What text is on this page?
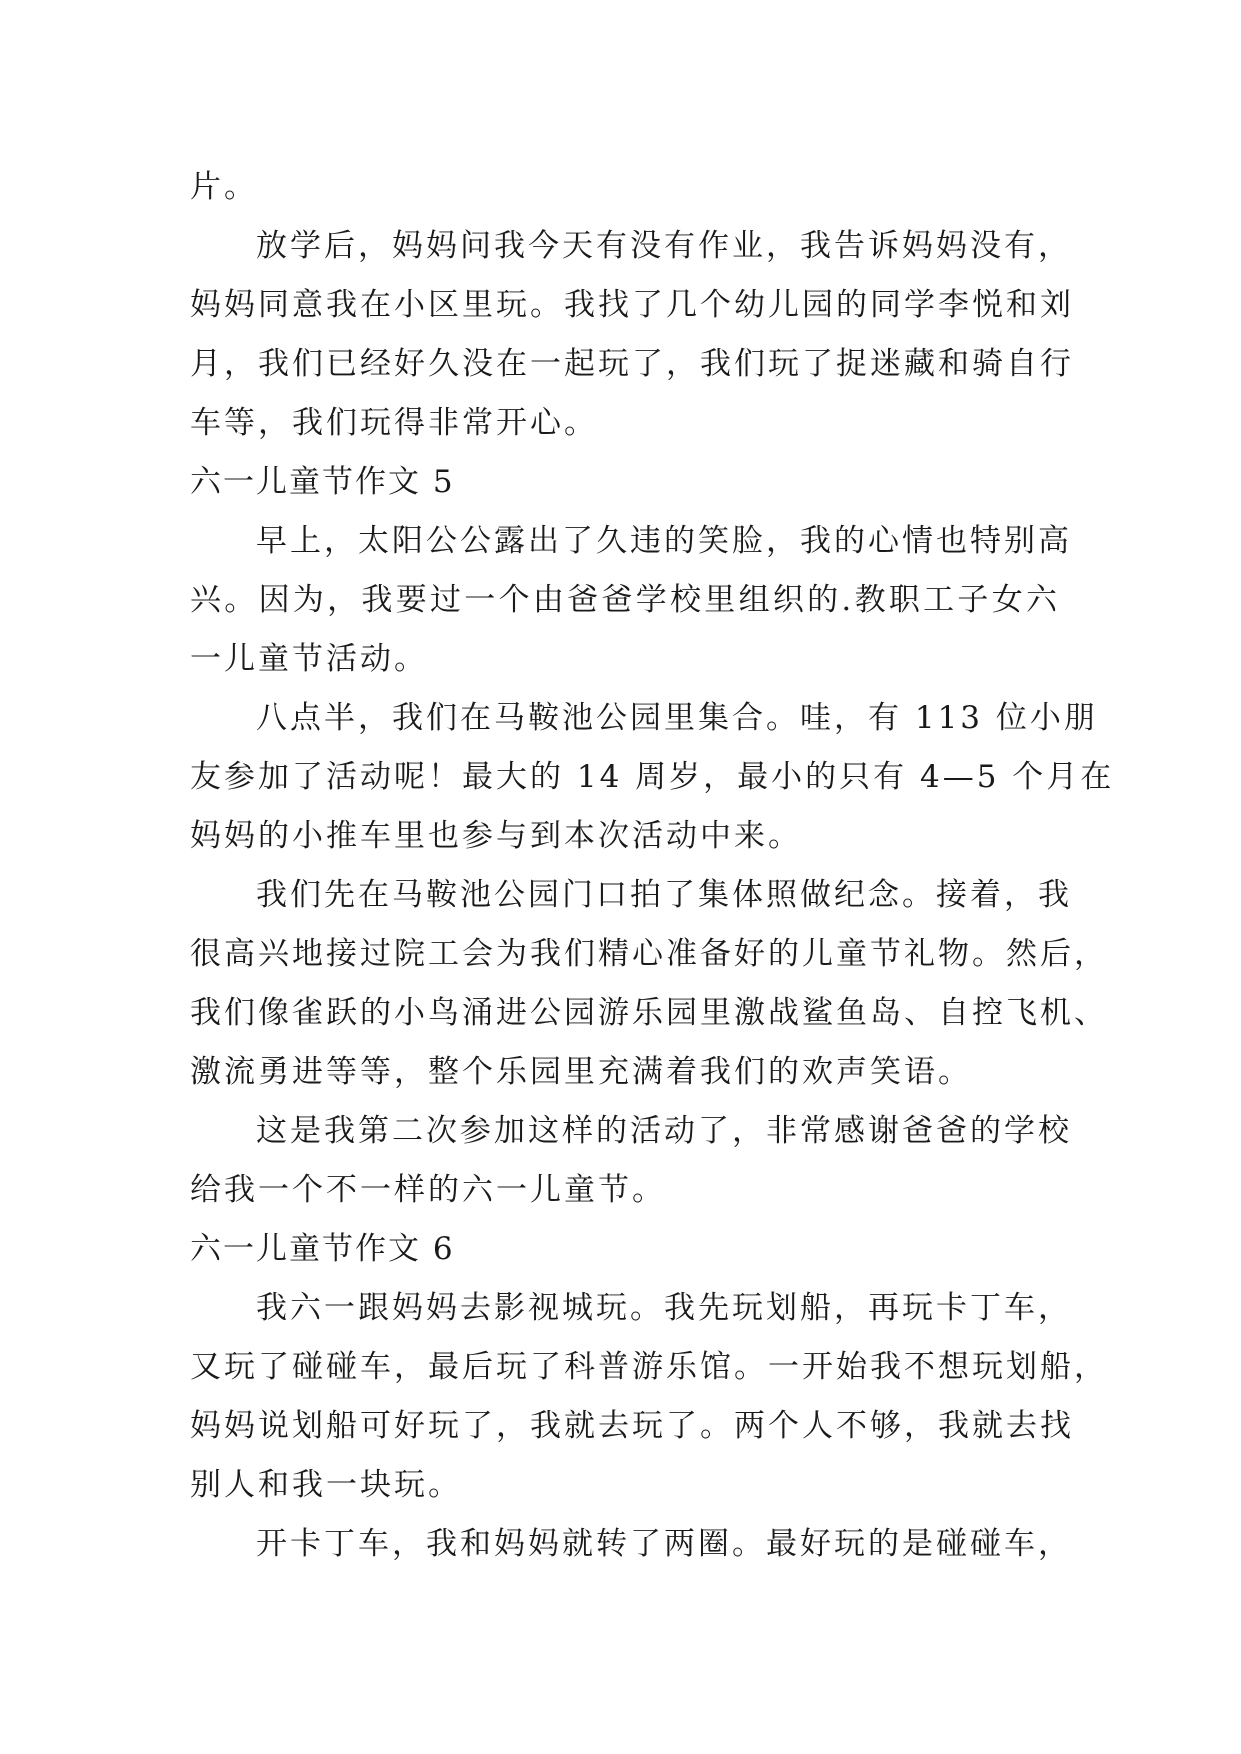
片。
放学后，妈妈问我今天有没有作业，我告诉妈妈没有，
妈妈同意我在小区里玩。我找了几个幼儿园的同学李悦和刘
月，我们已经好久没在一起玩了，我们玩了捉迷藏和骑自行
车等，我们玩得非常开心。
六一儿童节作文 5
早上，太阳公公露出了久违的笑脸，我的心情也特别高
兴。因为，我要过一个由爸爸学校里组织的.教职工子女六
一儿童节活动。
八点半，我们在马鞍池公园里集合。哇，有 113 位小朋
友参加了活动呢！最大的 14 周岁，最小的只有 4—5 个月在
妈妈的小推车里也参与到本次活动中来。
我们先在马鞍池公园门口拍了集体照做纪念。接着，我
很高兴地接过院工会为我们精心准备好的儿童节礼物。然后，
我们像雀跃的小鸟涌进公园游乐园里激战鲨鱼岛、自控飞机、
激流勇进等等，整个乐园里充满着我们的欢声笑语。
这是我第二次参加这样的活动了，非常感谢爸爸的学校
给我一个不一样的六一儿童节。
六一儿童节作文 6
我六一跟妈妈去影视城玩。我先玩划船，再玩卡丁车，
又玩了碰碰车，最后玩了科普游乐馆。一开始我不想玩划船，
妈妈说划船可好玩了，我就去玩了。两个人不够，我就去找
别人和我一块玩。
开卡丁车，我和妈妈就转了两圈。最好玩的是碰碰车，
